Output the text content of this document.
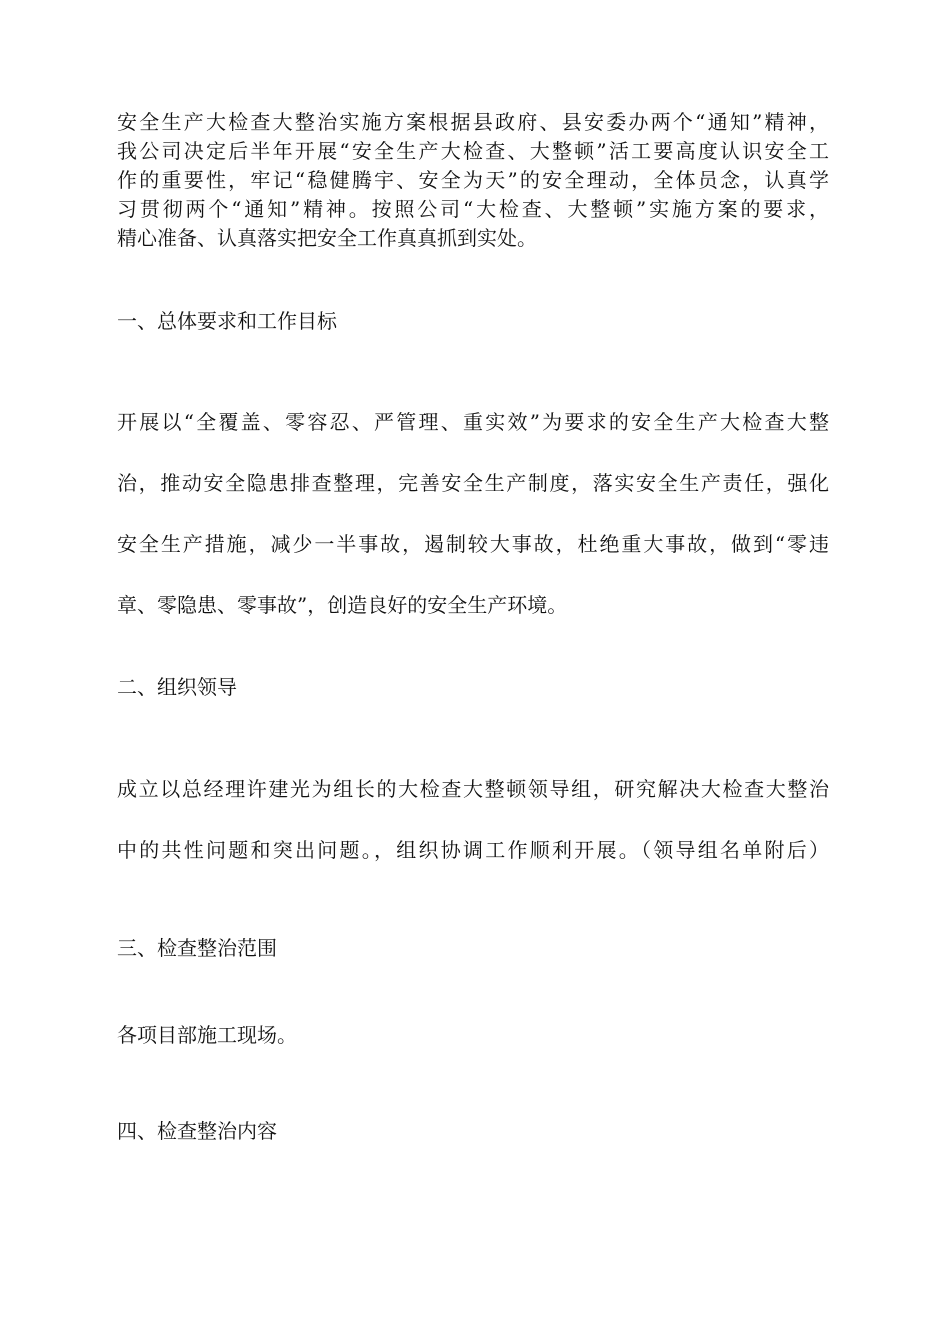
安全生产大检查大整治实施方案根据县政府、县安委办两个“通知”精神，
我公司决定后半年开展“安全生产大检查、大整顿”活工要高度认识安全工
作的重要性，牢记“稳健腾宇、安全为天”的安全理动，全体员念，认真学
习贯彻两个“通知”精神。按照公司“大检查、大整顿”实施方案的要求，
精心准备、认真落实把安全工作真真抓到实处。
一、总体要求和工作目标
开展以“全覆盖、零容忍、严管理、重实效”为要求的安全生产大检查大整
治，推动安全隐患排查整理，完善安全生产制度，落实安全生产责任，强化
安全生产措施，减少一半事故，遏制较大事故，杜绝重大事故，做到“零违
章、零隐患、零事故”，创造良好的安全生产环境。
二、组织领导
成立以总经理许建光为组长的大检查大整顿领导组，研究解决大检查大整治
中的共性问题和突出问题。，组织协调工作顺利开展。（领导组名单附后）
三、检查整治范围
各项目部施工现场。
四、检查整治内容
